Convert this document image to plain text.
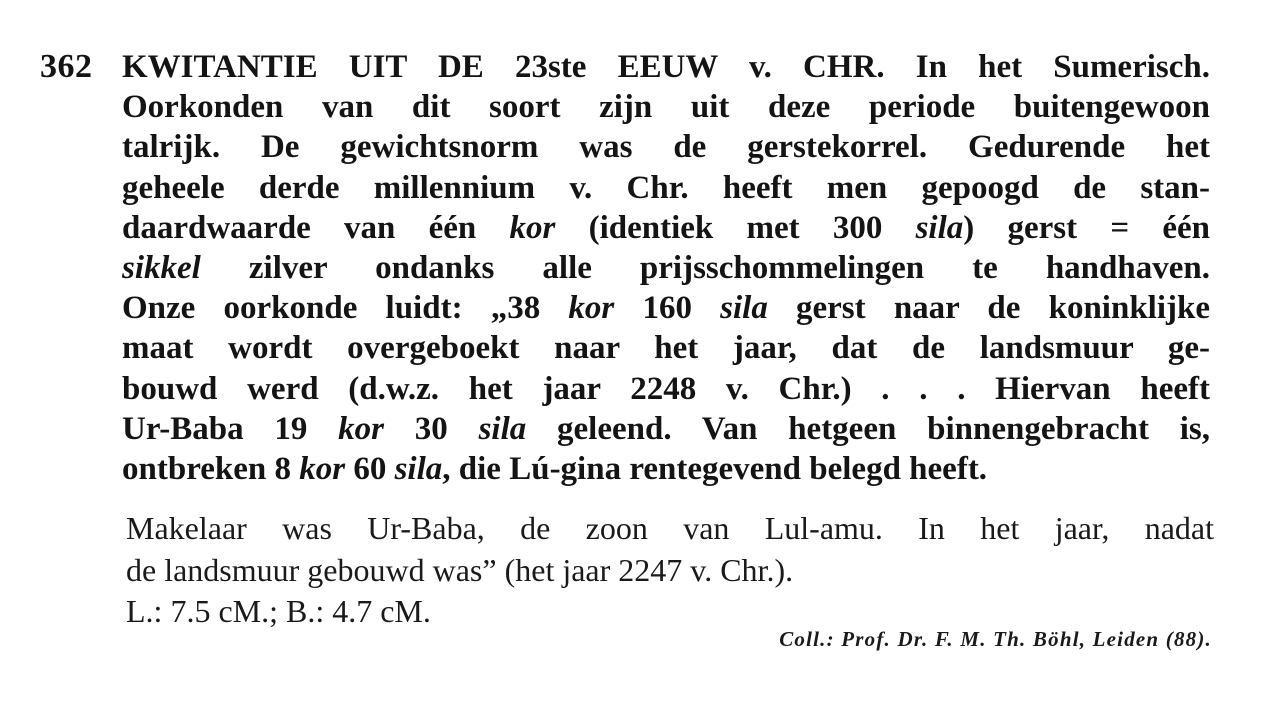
362 KWITANTIE UIT DE 23ste EEUW v. CHR. In het Sumerisch.
Oorkonden van dit soort zijn uit deze periode buitengewoon
talrijk. De gewichtsnorm was de gerstekorrel. Gedurende het
geheele derde millennium v. Chr. heeft men gepoogd de stan-
daardwaarde van één kor (identiek met 300 sila) gerst = één
sikkel zilver ondanks alle prijsschommelingen te handhaven.
Onze oorkonde luidt: „38 kor 160 sila gerst naar de koninklijke
maat wordt overgeboekt naar het jaar, dat de landsmuur ge-
bouwd werd (d.w.z. het jaar 2248 v. Chr.) . . . Hiervan heeft
Ur-Baba 19 kor 30 sila geleend. Van hetgeen binnengebracht is,
ontbreken 8 kor 60 sila, die Lú-gina rentegevend belegd heeft.
Makelaar was Ur-Baba, de zoon van Lul-amu. In het jaar, nadat
de landsmuur gebouwd was” (het jaar 2247 v. Chr.).
L.: 7.5 cM.; B.: 4.7 cM.
Coll.: Prof. Dr. F. M. Th. Böhl, Leiden (88).
